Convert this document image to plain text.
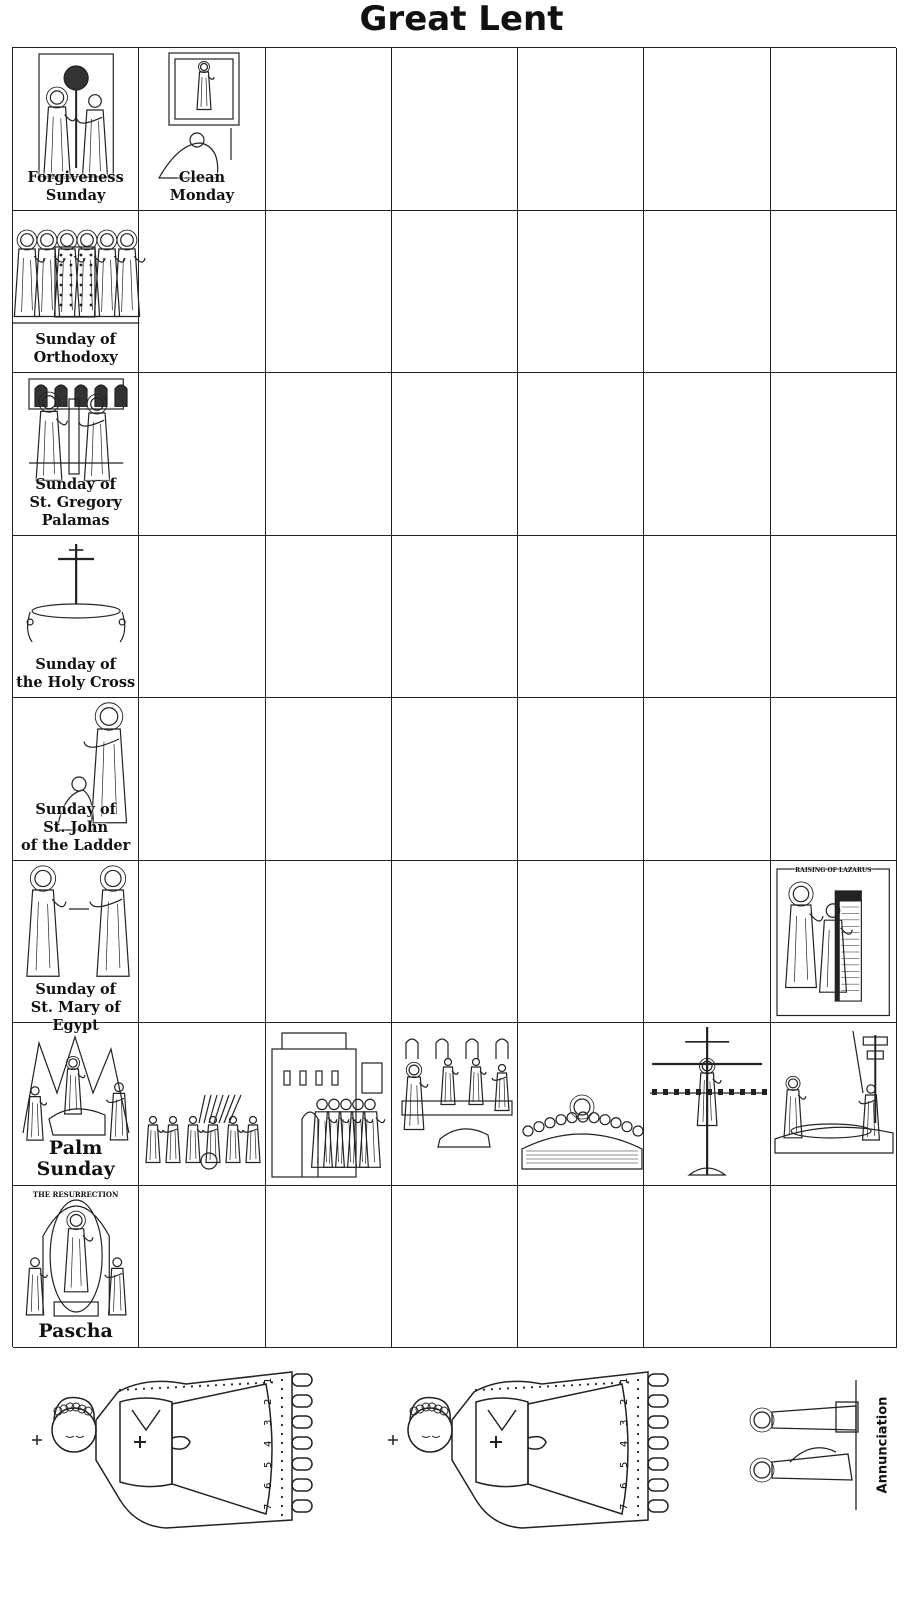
Great Lent
Forgiveness
Sunday
Clean
Monday
Sunday of
Orthodoxy
Sunday of
St. Gregory
Palamas
Sunday of
the Holy Cross
Sunday of
St. John
of the Ladder
Sunday of
St. Mary of Egypt
RAISING OF LAZARUS
Palm
Sunday
Pascha
THE RESURRECTION
1
2
3
4
5
6
7
1
2
3
4
5
6
7
Annunciation
